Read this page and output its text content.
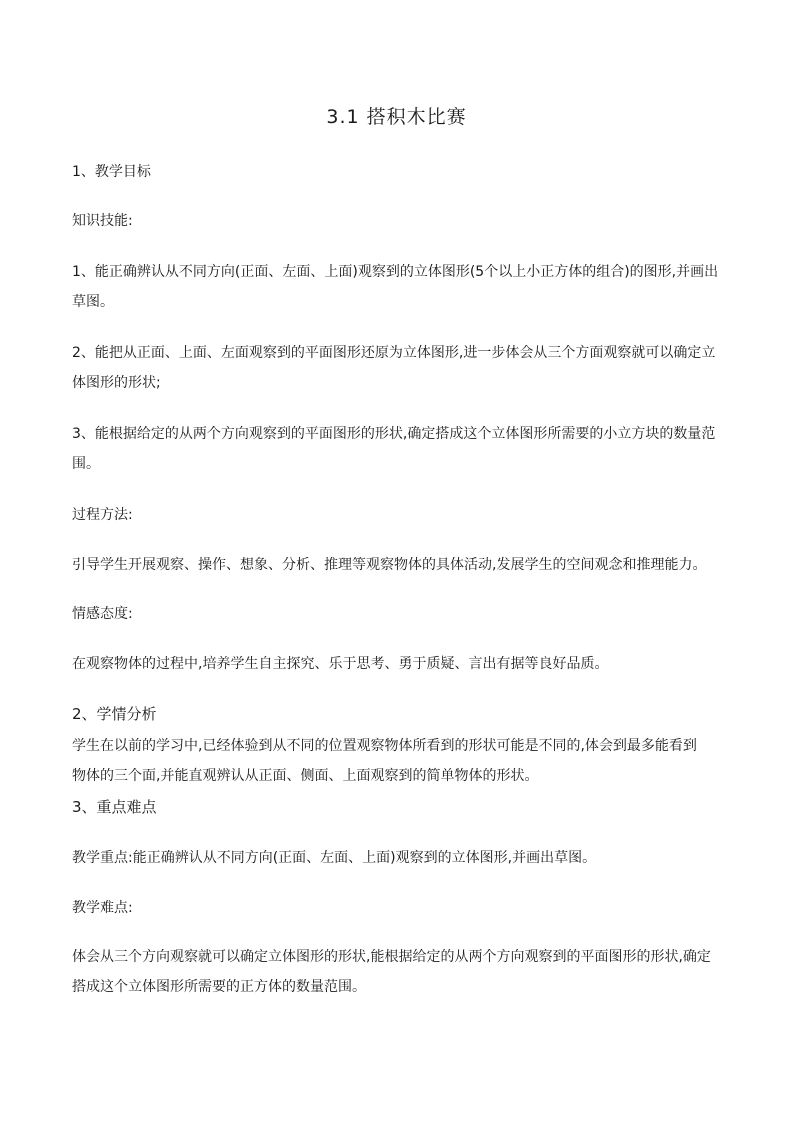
3.1 搭积木比赛

1、教学目标

知识技能:

1、能正确辨认从不同方向(正面、左面、上面)观察到的立体图形(5个以上小正方体的组合)的图形,并画出

草图。

2、能把从正面、上面、左面观察到的平面图形还原为立体图形,进一步体会从三个方面观察就可以确定立

体图形的形状;

3、能根据给定的从两个方向观察到的平面图形的形状,确定搭成这个立体图形所需要的小立方块的数量范

围。

过程方法:

引导学生开展观察、操作、想象、分析、推理等观察物体的具体活动,发展学生的空间观念和推理能力。

情感态度:

在观察物体的过程中,培养学生自主探究、乐于思考、勇于质疑、言出有据等良好品质。

2、学情分析

学生在以前的学习中,已经体验到从不同的位置观察物体所看到的形状可能是不同的,体会到最多能看到

物体的三个面,并能直观辨认从正面、侧面、上面观察到的简单物体的形状。

3、重点难点

教学重点:能正确辨认从不同方向(正面、左面、上面)观察到的立体图形,并画出草图。

教学难点:

体会从三个方向观察就可以确定立体图形的形状,能根据给定的从两个方向观察到的平面图形的形状,确定

搭成这个立体图形所需要的正方体的数量范围。
